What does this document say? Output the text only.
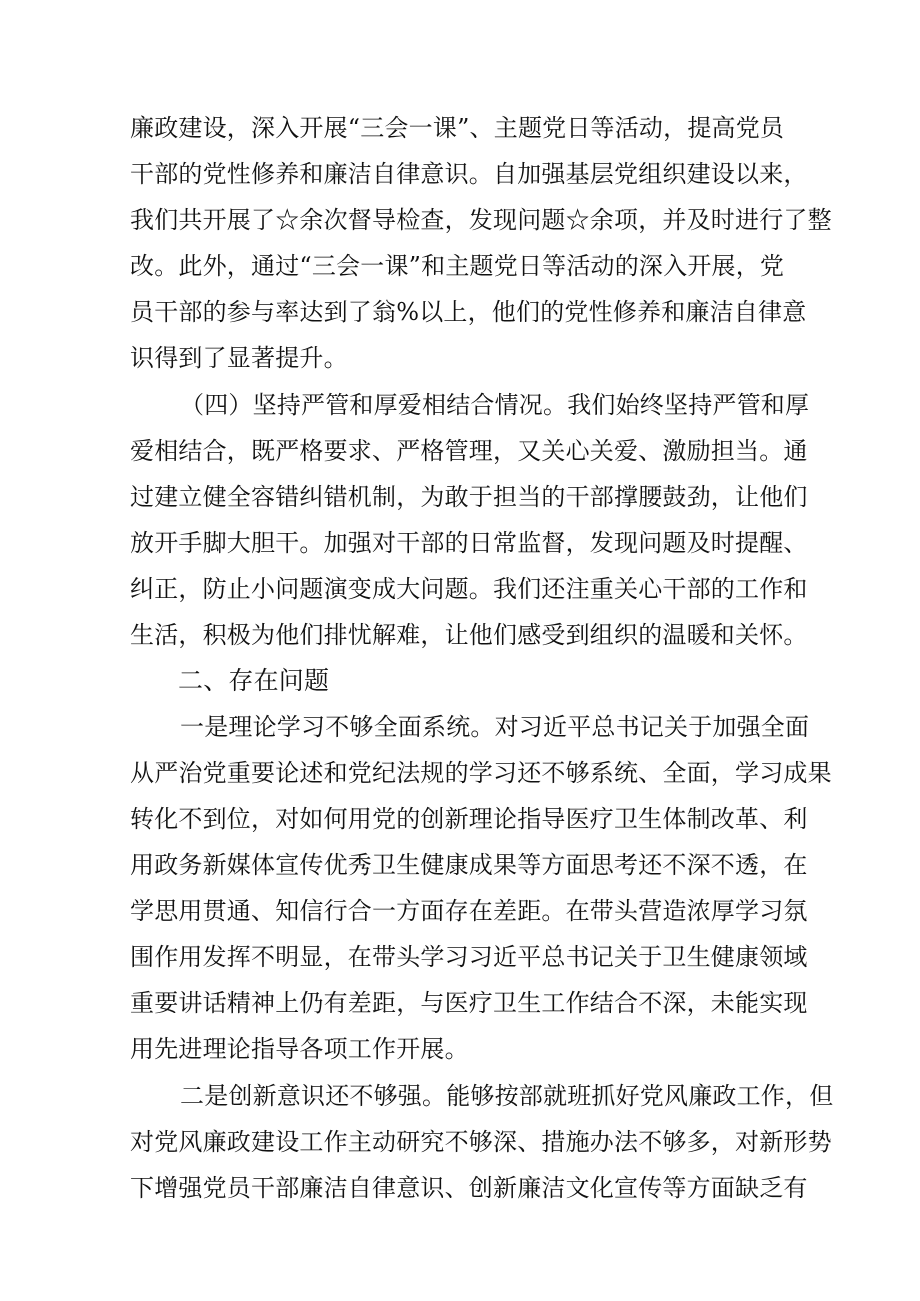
廉政建设，深入开展“三会一课”、主题党日等活动，提高党员
干部的党性修养和廉洁自律意识。自加强基层党组织建设以来，
我们共开展了☆余次督导检查，发现问题☆余项，并及时进行了整
改。此外，通过“三会一课”和主题党日等活动的深入开展，党
员干部的参与率达到了翁%以上，他们的党性修养和廉洁自律意
识得到了显著提升。
（四）坚持严管和厚爱相结合情况。我们始终坚持严管和厚
爱相结合，既严格要求、严格管理，又关心关爱、激励担当。通
过建立健全容错纠错机制，为敢于担当的干部撑腰鼓劲，让他们
放开手脚大胆干。加强对干部的日常监督，发现问题及时提醒、
纠正，防止小问题演变成大问题。我们还注重关心干部的工作和
生活，积极为他们排忧解难，让他们感受到组织的温暖和关怀。
二、存在问题
一是理论学习不够全面系统。对习近平总书记关于加强全面
从严治党重要论述和党纪法规的学习还不够系统、全面，学习成果
转化不到位，对如何用党的创新理论指导医疗卫生体制改革、利
用政务新媒体宣传优秀卫生健康成果等方面思考还不深不透，在
学思用贯通、知信行合一方面存在差距。在带头营造浓厚学习氛
围作用发挥不明显，在带头学习习近平总书记关于卫生健康领域
重要讲话精神上仍有差距，与医疗卫生工作结合不深，未能实现
用先进理论指导各项工作开展。
二是创新意识还不够强。能够按部就班抓好党风廉政工作，但
对党风廉政建设工作主动研究不够深、措施办法不够多，对新形势
下增强党员干部廉洁自律意识、创新廉洁文化宣传等方面缺乏有
